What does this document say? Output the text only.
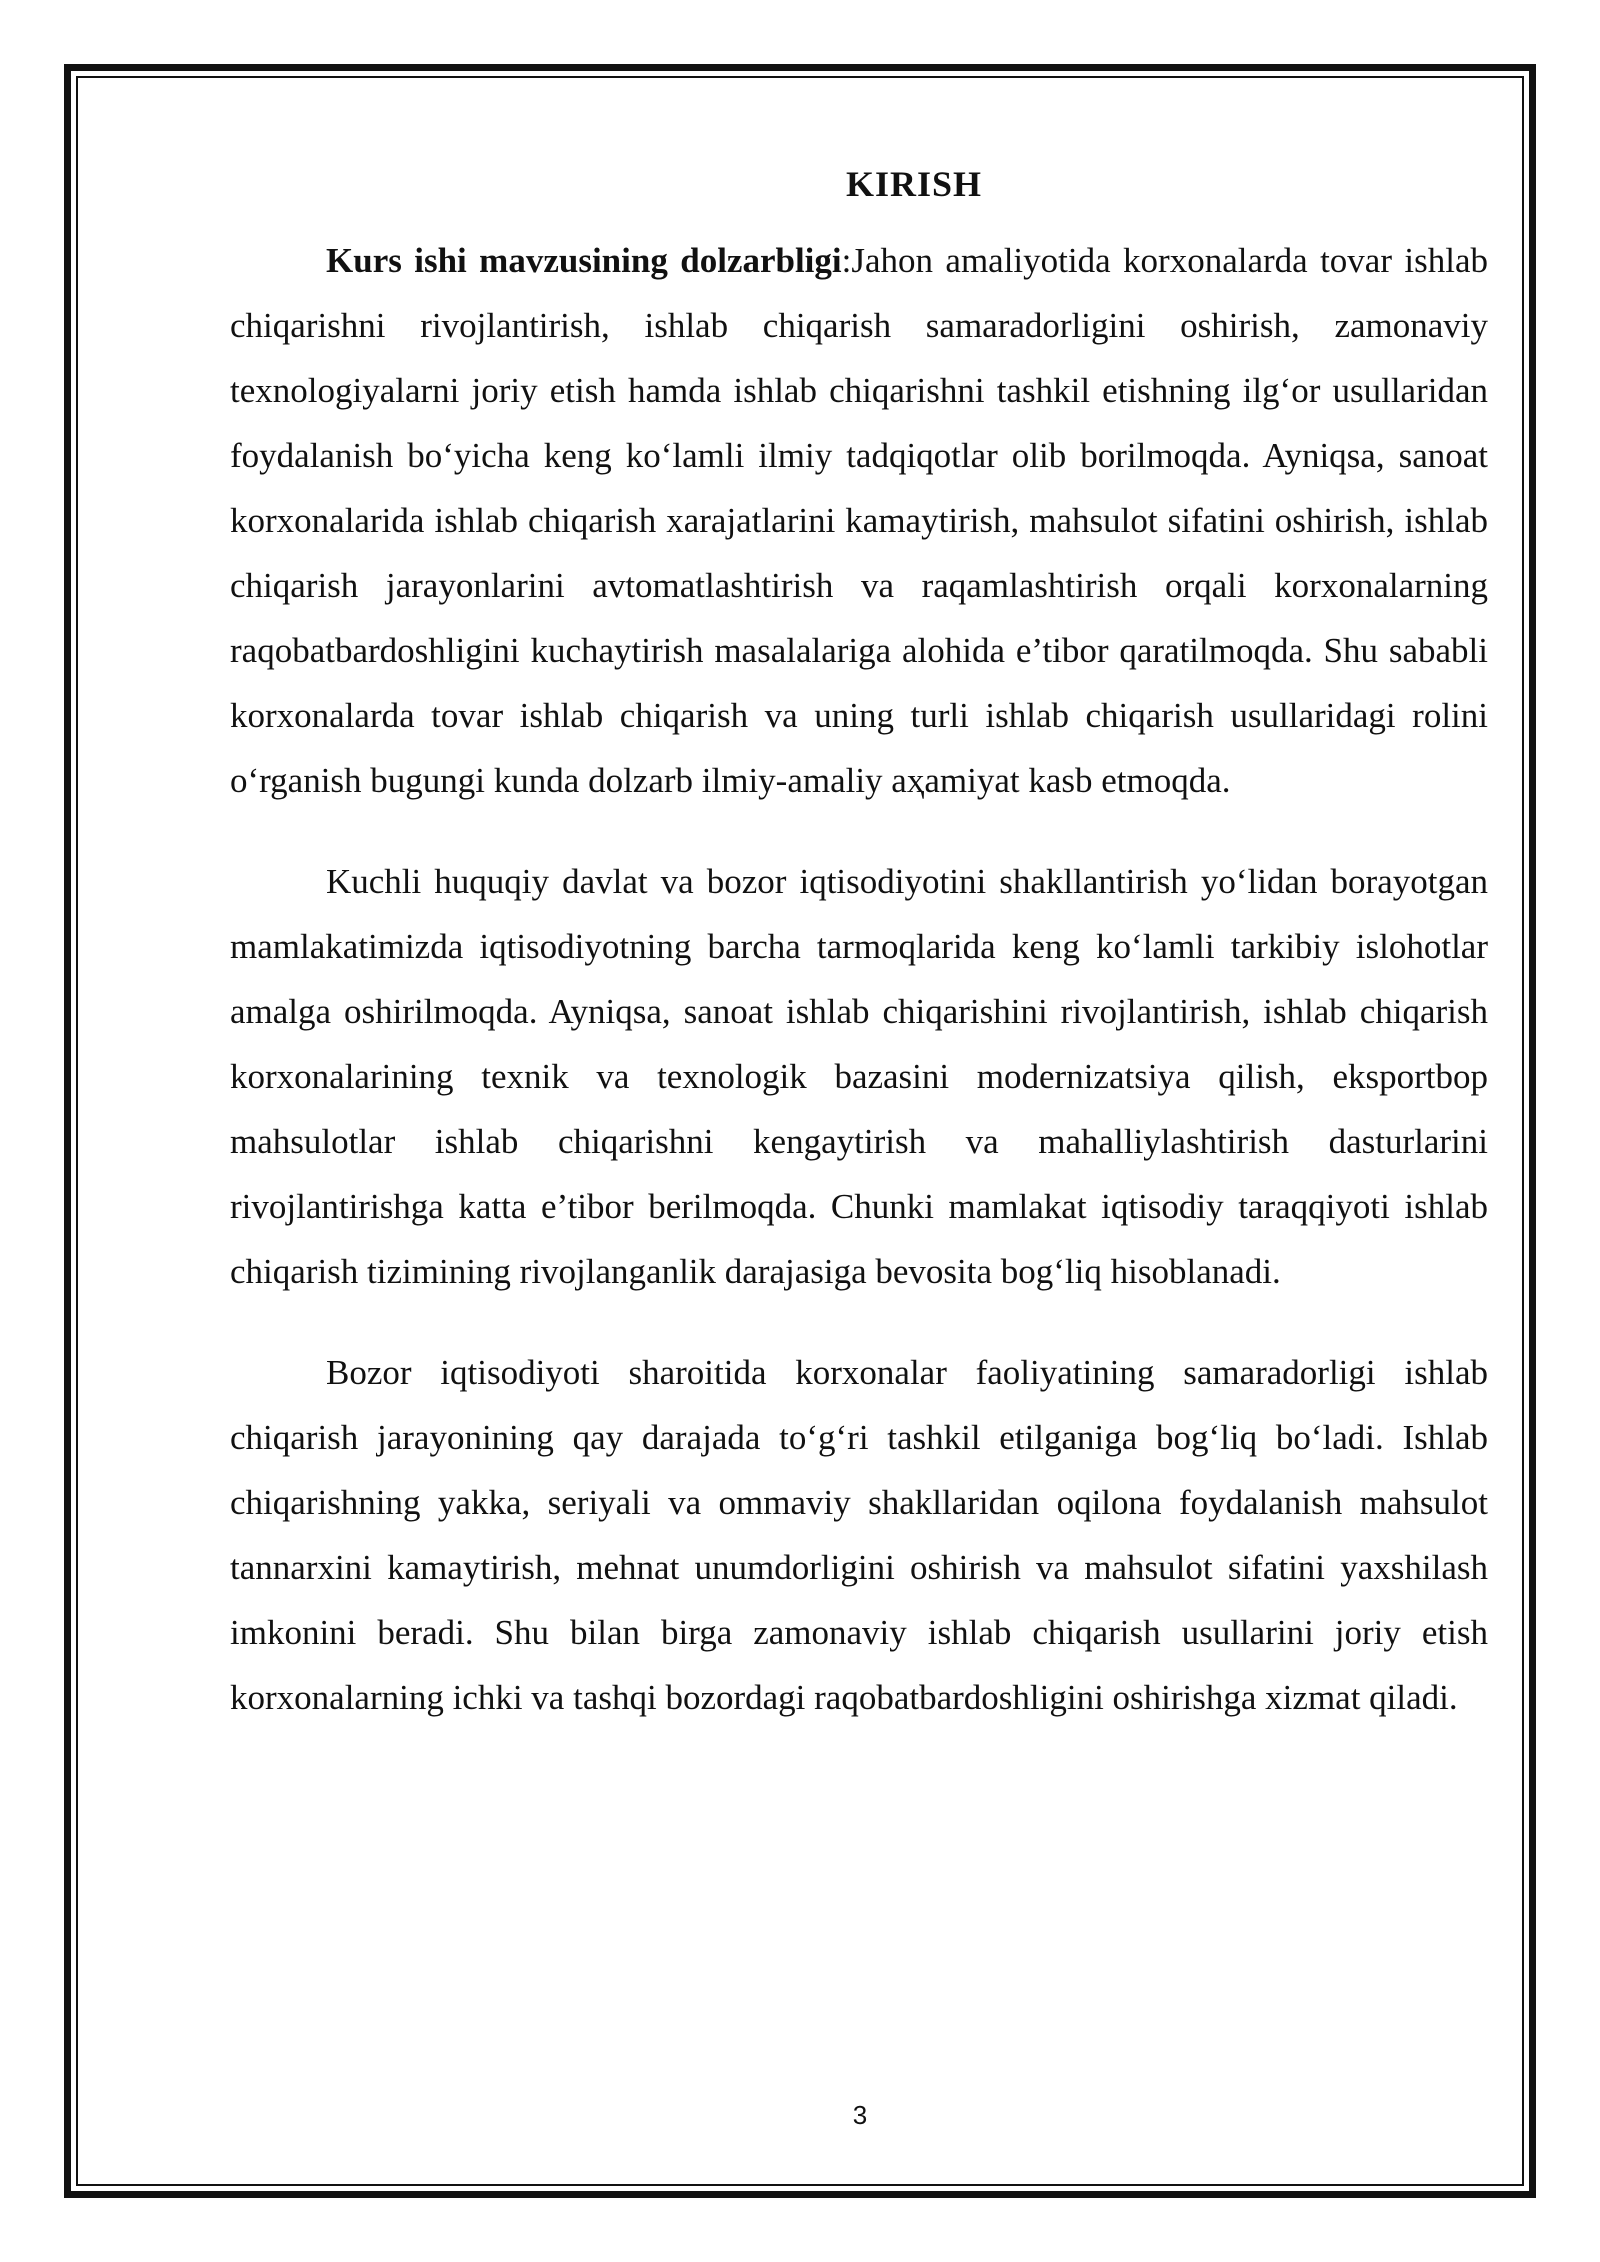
KIRISH

Kurs ishi mavzusining dolzarbligi:Jahon amaliyotida korxonalarda tovar ishlab chiqarishni rivojlantirish, ishlab chiqarish samaradorligini oshirish, zamonaviy texnologiyalarni joriy etish hamda ishlab chiqarishni tashkil etishning ilg‘or usullaridan foydalanish bo‘yicha keng ko‘lamli ilmiy tadqiqotlar olib borilmoqda. Ayniqsa, sanoat korxonalarida ishlab chiqarish xarajatlarini kamaytirish, mahsulot sifatini oshirish, ishlab chiqarish jarayonlarini avtomatlashtirish va raqamlashtirish orqali korxonalarning raqobatbardoshligini kuchaytirish masalalariga alohida e’tibor qaratilmoqda. Shu sababli korxonalarda tovar ishlab chiqarish va uning turli ishlab chiqarish usullaridagi rolini o‘rganish bugungi kunda dolzarb ilmiy-amaliy aҳamiyat kasb etmoqda.

Kuchli huquqiy davlat va bozor iqtisodiyotini shakllantirish yo‘lidan borayotgan mamlakatimizda iqtisodiyotning barcha tarmoqlarida keng ko‘lamli tarkibiy islohotlar amalga oshirilmoqda. Ayniqsa, sanoat ishlab chiqarishini rivojlantirish, ishlab chiqarish korxonalarining texnik va texnologik bazasini modernizatsiya qilish, eksportbop mahsulotlar ishlab chiqarishni kengaytirish va mahalliylashtirish dasturlarini rivojlantirishga katta e’tibor berilmoqda. Chunki mamlakat iqtisodiy taraqqiyoti ishlab chiqarish tizimining rivojlanganlik darajasiga bevosita bog‘liq hisoblanadi.

Bozor iqtisodiyoti sharoitida korxonalar faoliyatining samaradorligi ishlab chiqarish jarayonining qay darajada to‘g‘ri tashkil etilganiga bog‘liq bo‘ladi. Ishlab chiqarishning yakka, seriyali va ommaviy shakllaridan oqilona foydalanish mahsulot tannarxini kamaytirish, mehnat unumdorligini oshirish va mahsulot sifatini yaxshilash imkonini beradi. Shu bilan birga zamonaviy ishlab chiqarish usullarini joriy etish korxonalarning ichki va tashqi bozordagi raqobatbardoshligini oshirishga xizmat qiladi.

3
